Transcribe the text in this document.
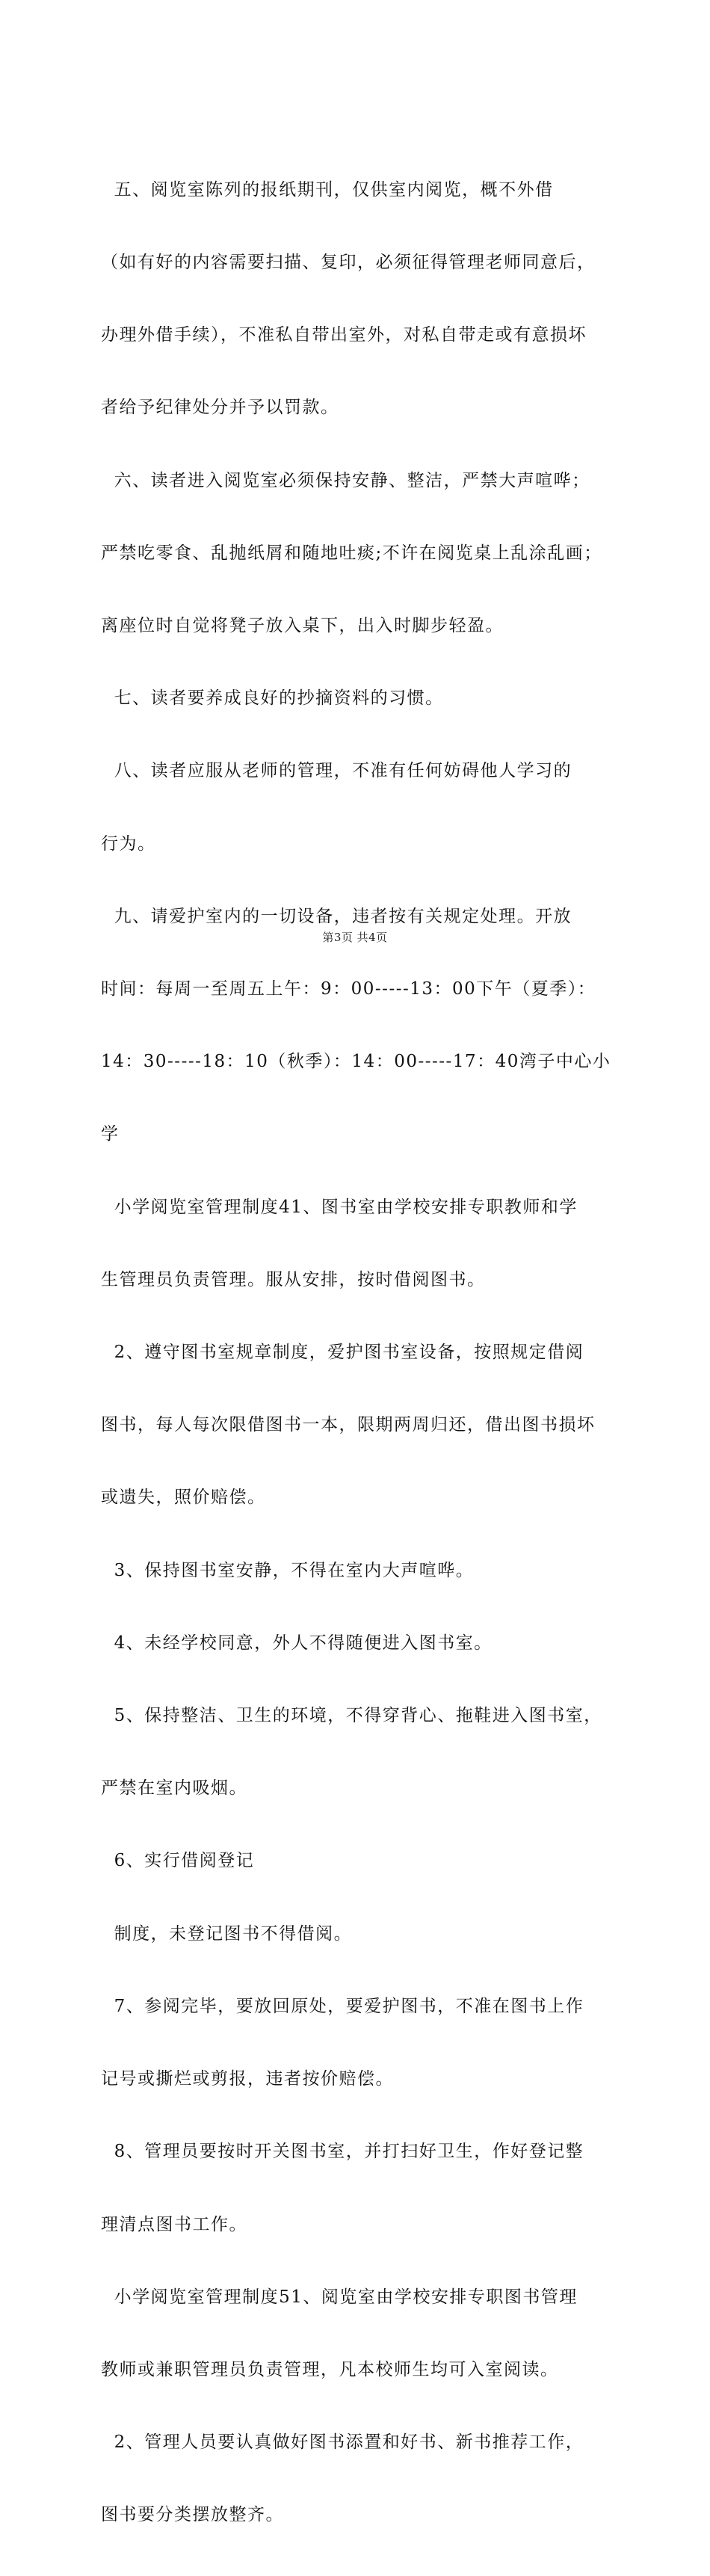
五、阅览室陈列的报纸期刊，仅供室内阅览，概不外借

（如有好的内容需要扫描、复印，必须征得管理老师同意后，

办理外借手续），不准私自带出室外，对私自带走或有意损坏

者给予纪律处分并予以罚款。

六、读者进入阅览室必须保持安静、整洁，严禁大声喧哗；

严禁吃零食、乱抛纸屑和随地吐痰;不许在阅览桌上乱涂乱画；

离座位时自觉将凳子放入桌下，出入时脚步轻盈。

七、读者要养成良好的抄摘资料的习惯。

八、读者应服从老师的管理，不准有任何妨碍他人学习的

行为。

九、请爱护室内的一切设备，违者按有关规定处理。开放

时间：每周一至周五上午：9：00-----13：00下午（夏季）：

14：30-----18：10（秋季）：14：00-----17：40湾子中心小

学

小学阅览室管理制度41、图书室由学校安排专职教师和学

生管理员负责管理。服从安排，按时借阅图书。

2、遵守图书室规章制度，爱护图书室设备，按照规定借阅

图书，每人每次限借图书一本，限期两周归还，借出图书损坏

或遗失，照价赔偿。

3、保持图书室安静，不得在室内大声喧哗。

4、未经学校同意，外人不得随便进入图书室。

5、保持整洁、卫生的环境，不得穿背心、拖鞋进入图书室，

严禁在室内吸烟。

6、实行借阅登记

制度，未登记图书不得借阅。

7、参阅完毕，要放回原处，要爱护图书，不准在图书上作

记号或撕烂或剪报，违者按价赔偿。

8、管理员要按时开关图书室，并打扫好卫生，作好登记整

理清点图书工作。

小学阅览室管理制度51、阅览室由学校安排专职图书管理

教师或兼职管理员负责管理，凡本校师生均可入室阅读。

2、管理人员要认真做好图书添置和好书、新书推荐工作，

图书要分类摆放整齐。

第3页 共4页
